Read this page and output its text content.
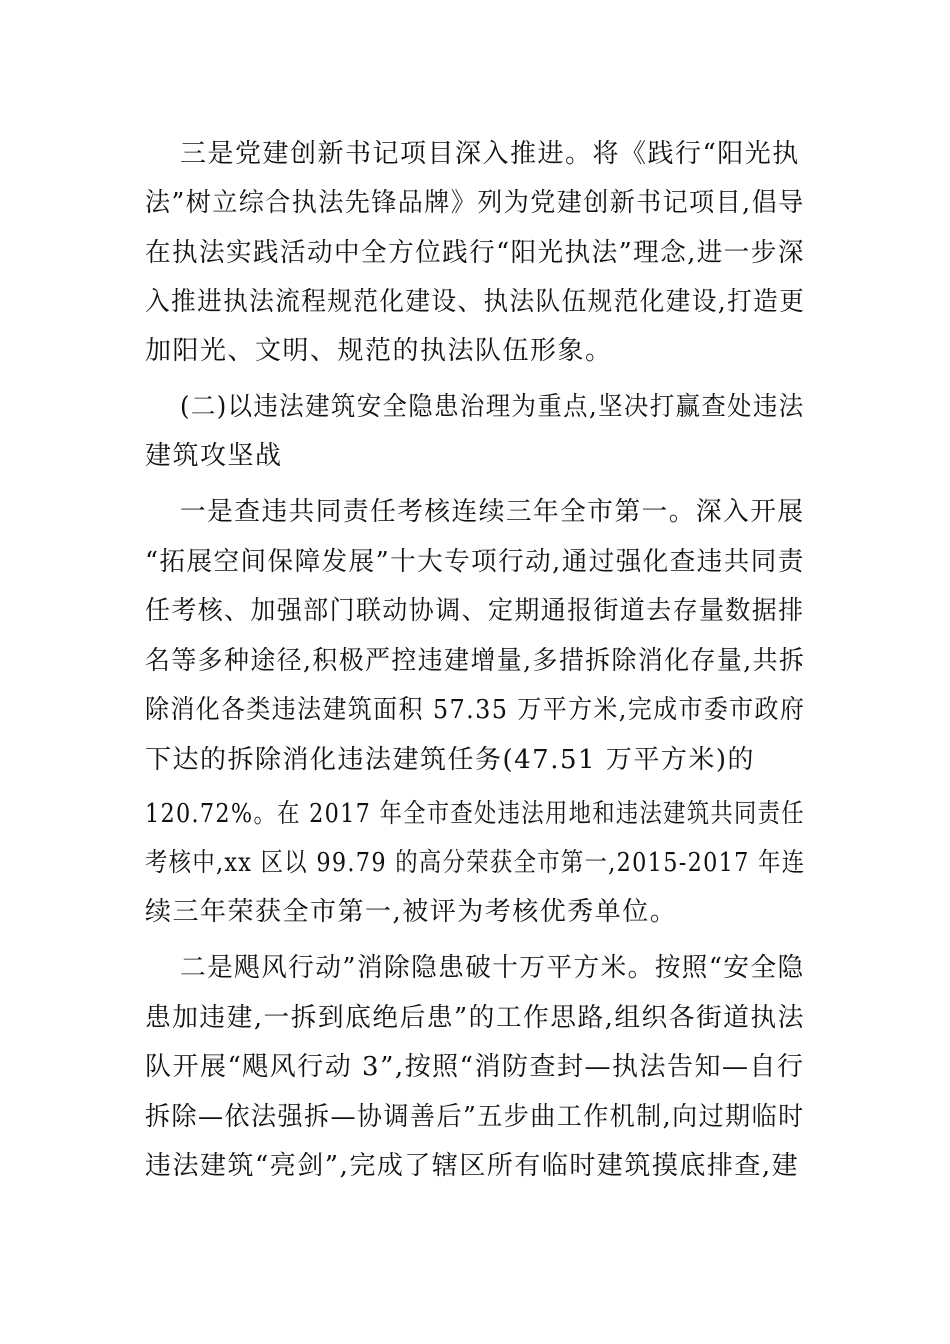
三是党建创新书记项目深入推进。将《践行“阳光执

法”树立综合执法先锋品牌》列为党建创新书记项目,倡导

在执法实践活动中全方位践行“阳光执法”理念,进一步深

入推进执法流程规范化建设、执法队伍规范化建设,打造更

加阳光、文明、规范的执法队伍形象。

(二)以违法建筑安全隐患治理为重点,坚决打赢查处违法

建筑攻坚战

一是查违共同责任考核连续三年全市第一。深入开展

“拓展空间保障发展”十大专项行动,通过强化查违共同责

任考核、加强部门联动协调、定期通报街道去存量数据排

名等多种途径,积极严控违建增量,多措拆除消化存量,共拆

除消化各类违法建筑面积 57.35 万平方米,完成市委市政府

下达的拆除消化违法建筑任务(47.51 万平方米)的

120.72%。在 2017 年全市查处违法用地和违法建筑共同责任

考核中,xx 区以 99.79 的高分荣获全市第一,2015-2017 年连

续三年荣获全市第一,被评为考核优秀单位。

二是飓风行动”消除隐患破十万平方米。按照“安全隐

患加违建,一拆到底绝后患”的工作思路,组织各街道执法

队开展“飓风行动 3”,按照“消防查封—执法告知—自行

拆除—依法强拆—协调善后”五步曲工作机制,向过期临时

违法建筑“亮剑”,完成了辖区所有临时建筑摸底排查,建
